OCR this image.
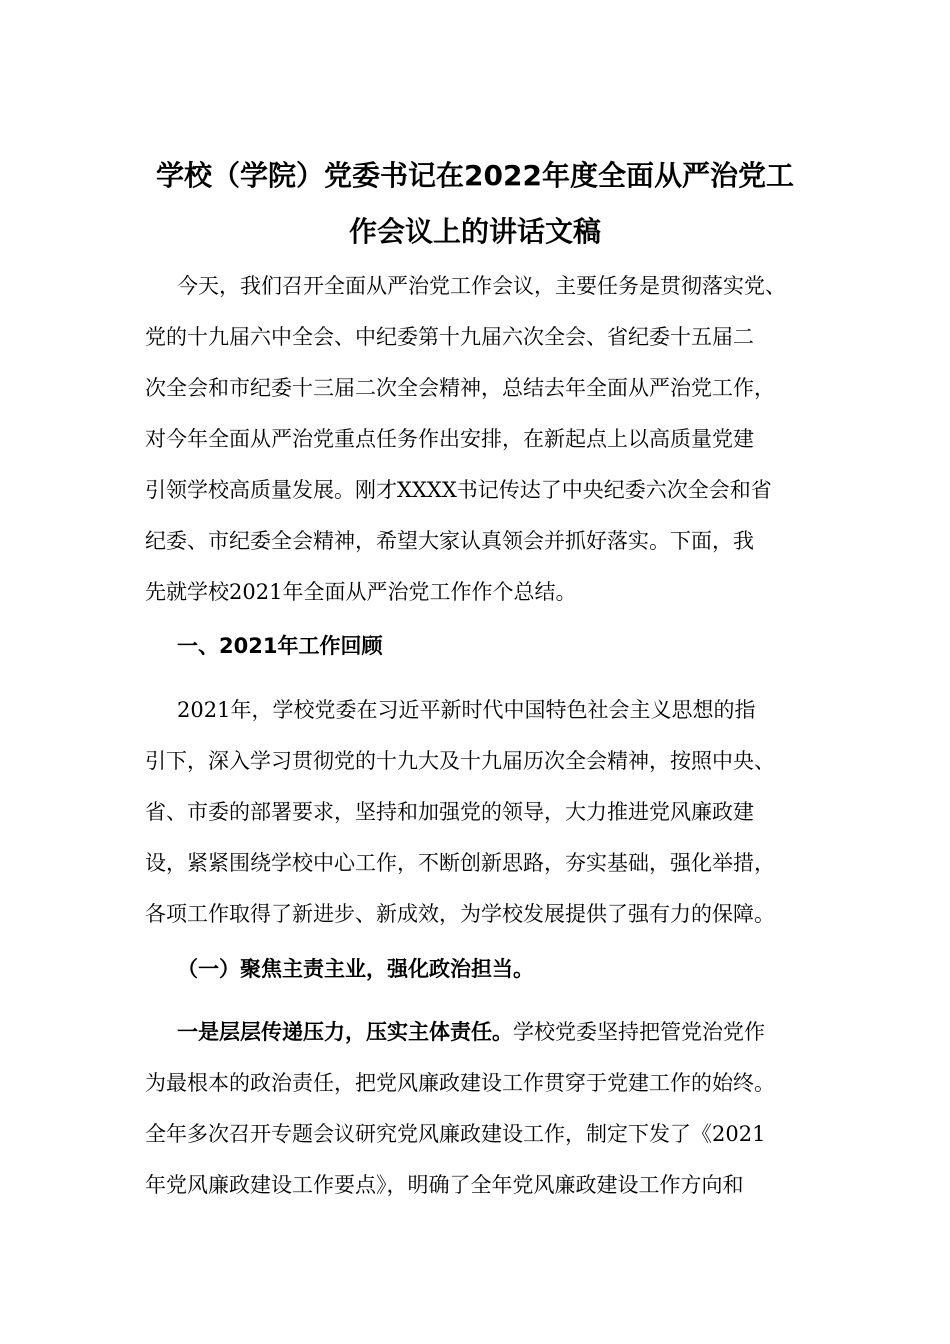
学校（学院）党委书记在2022年度全面从严治党工
作会议上的讲话文稿

今天，我们召开全面从严治党工作会议，主要任务是贯彻落实党、

党的十九届六中全会、中纪委第十九届六次全会、省纪委十五届二

次全会和市纪委十三届二次全会精神，总结去年全面从严治党工作，

对今年全面从严治党重点任务作出安排，在新起点上以高质量党建

引领学校高质量发展。刚才XXXX书记传达了中央纪委六次全会和省

纪委、市纪委全会精神，希望大家认真领会并抓好落实。下面，我

先就学校2021年全面从严治党工作作个总结。

一、2021年工作回顾

2021年，学校党委在习近平新时代中国特色社会主义思想的指

引下，深入学习贯彻党的十九大及十九届历次全会精神，按照中央、

省、市委的部署要求，坚持和加强党的领导，大力推进党风廉政建

设，紧紧围绕学校中心工作，不断创新思路，夯实基础，强化举措，

各项工作取得了新进步、新成效，为学校发展提供了强有力的保障。

（一）聚焦主责主业，强化政治担当。

一是层层传递压力，压实主体责任。学校党委坚持把管党治党作

为最根本的政治责任，把党风廉政建设工作贯穿于党建工作的始终。

全年多次召开专题会议研究党风廉政建设工作，制定下发了《2021

年党风廉政建设工作要点》，明确了全年党风廉政建设工作方向和
